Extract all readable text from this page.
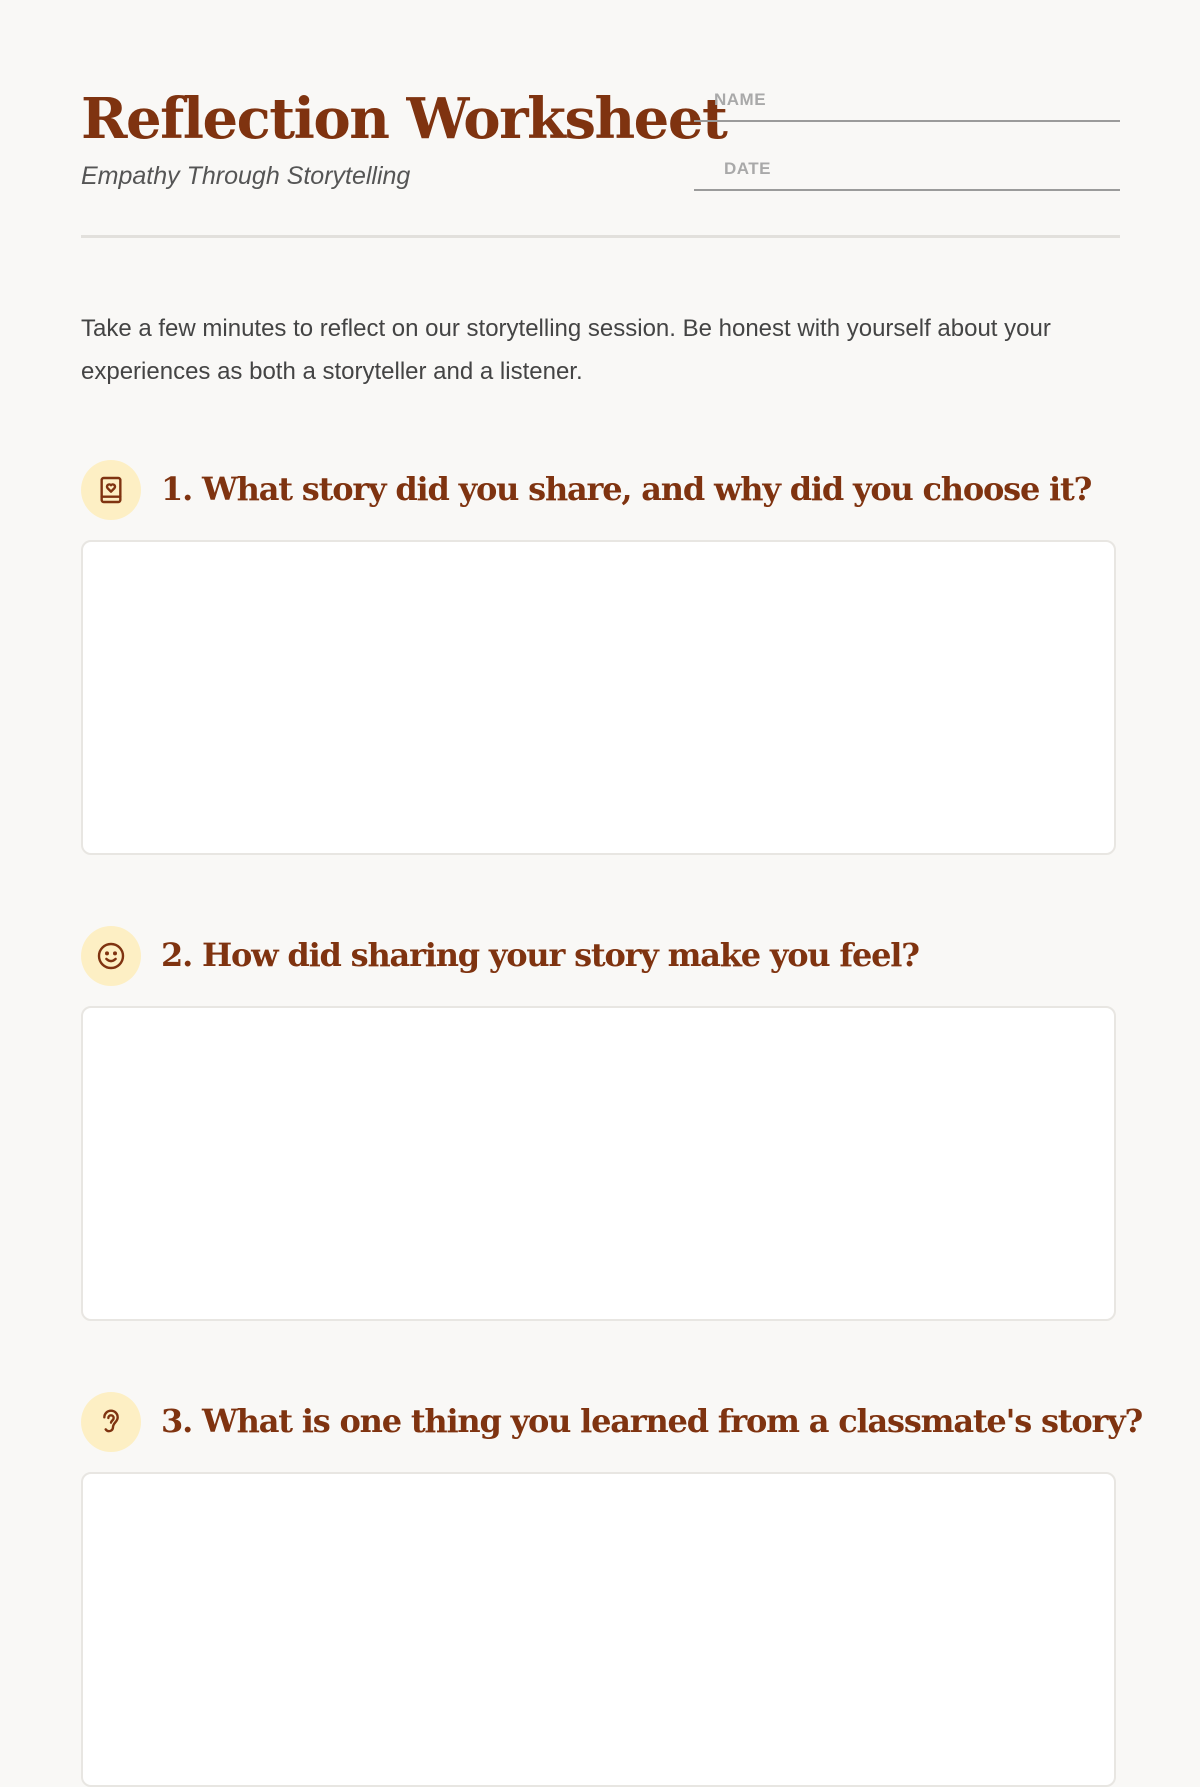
Reflection Worksheet
Empathy Through Storytelling
NAME
DATE

Take a few minutes to reflect on our storytelling session. Be honest with yourself about your experiences as both a storyteller and a listener.

1. What story did you share, and why did you choose it?
2. How did sharing your story make you feel?
3. What is one thing you learned from a classmate's story?
